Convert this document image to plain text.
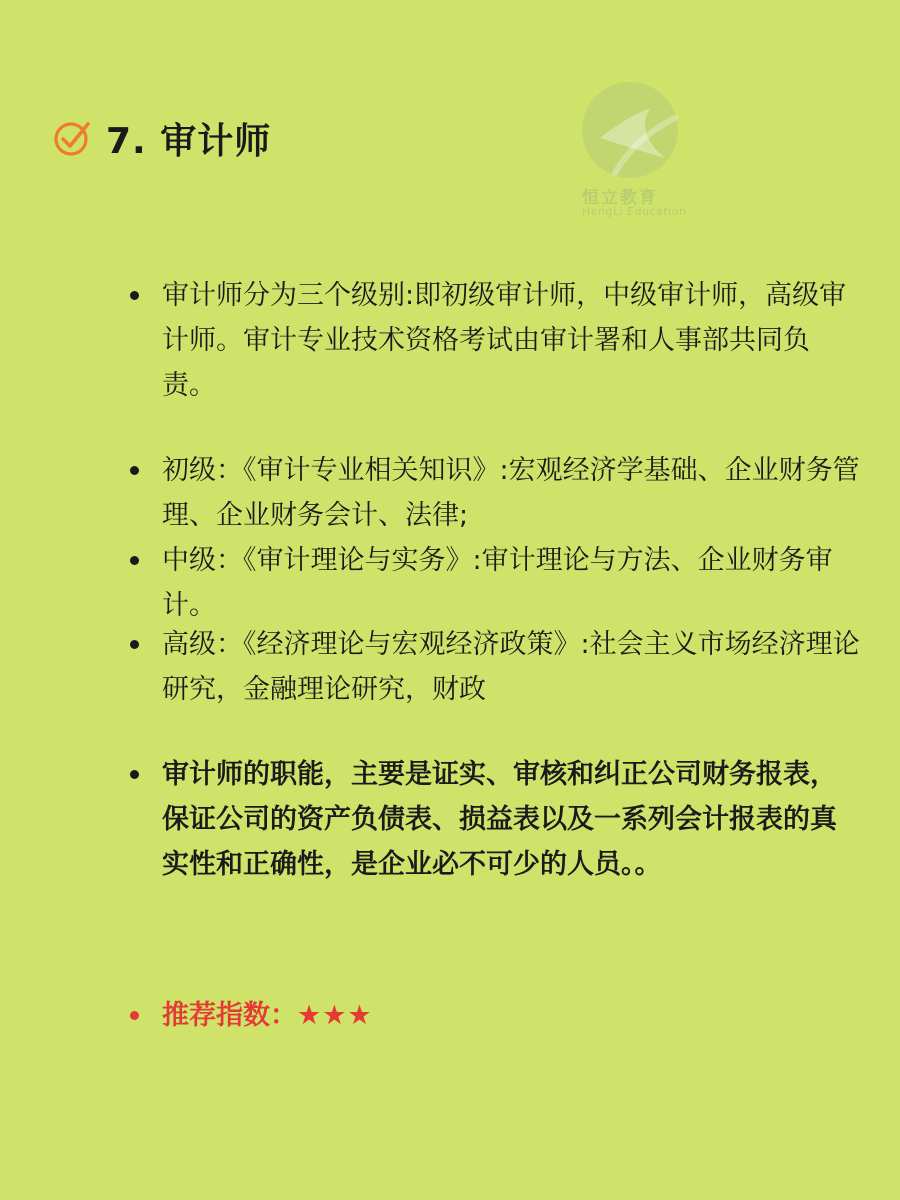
7. 审计师
恒立教育
HengLi Education
审计师分为三个级别:即初级审计师，中级审计师，高级审计师。审计专业技术资格考试由审计署和人事部共同负责。
初级：《审计专业相关知识》:宏观经济学基础、企业财务管理、企业财务会计、法律;
中级：《审计理论与实务》:审计理论与方法、企业财务审计。
高级：《经济理论与宏观经济政策》:社会主义市场经济理论研究，金融理论研究，财政
审计师的职能，主要是证实、审核和纠正公司财务报表，保证公司的资产负债表、损益表以及一系列会计报表的真实性和正确性，是企业必不可少的人员。。
推荐指数：★★★
